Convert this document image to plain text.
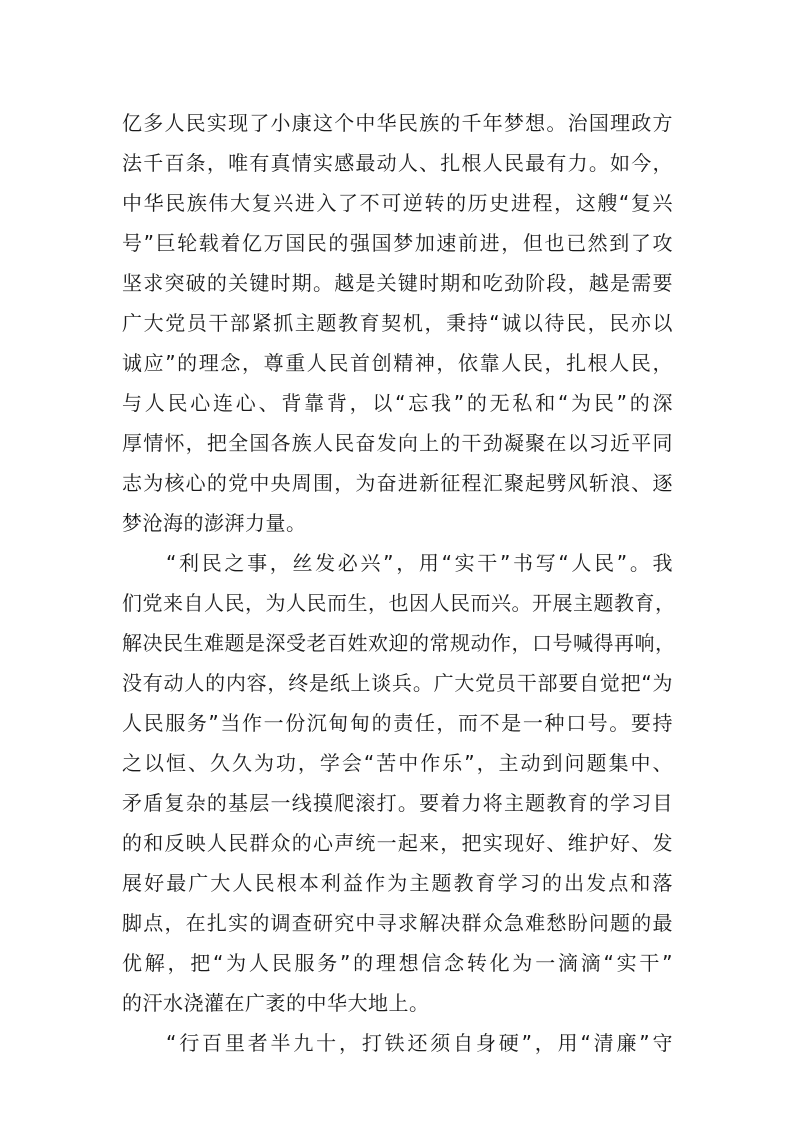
亿多人民实现了小康这个中华民族的千年梦想。治国理政方
法千百条，唯有真情实感最动人、扎根人民最有力。如今，
中华民族伟大复兴进入了不可逆转的历史进程，这艘“复兴
号”巨轮载着亿万国民的强国梦加速前进，但也已然到了攻
坚求突破的关键时期。越是关键时期和吃劲阶段，越是需要
广大党员干部紧抓主题教育契机，秉持“诚以待民，民亦以
诚应”的理念，尊重人民首创精神，依靠人民，扎根人民，
与人民心连心、背靠背，以“忘我”的无私和“为民”的深
厚情怀，把全国各族人民奋发向上的干劲凝聚在以习近平同
志为核心的党中央周围，为奋进新征程汇聚起劈风斩浪、逐
梦沧海的澎湃力量。
“利民之事，丝发必兴”，用“实干”书写“人民”。我
们党来自人民，为人民而生，也因人民而兴。开展主题教育，
解决民生难题是深受老百姓欢迎的常规动作，口号喊得再响，
没有动人的内容，终是纸上谈兵。广大党员干部要自觉把“为
人民服务”当作一份沉甸甸的责任，而不是一种口号。要持
之以恒、久久为功，学会“苦中作乐”，主动到问题集中、
矛盾复杂的基层一线摸爬滚打。要着力将主题教育的学习目
的和反映人民群众的心声统一起来，把实现好、维护好、发
展好最广大人民根本利益作为主题教育学习的出发点和落
脚点，在扎实的调查研究中寻求解决群众急难愁盼问题的最
优解，把“为人民服务”的理想信念转化为一滴滴“实干”
的汗水浇灌在广袤的中华大地上。
“行百里者半九十，打铁还须自身硬”，用“清廉”守
